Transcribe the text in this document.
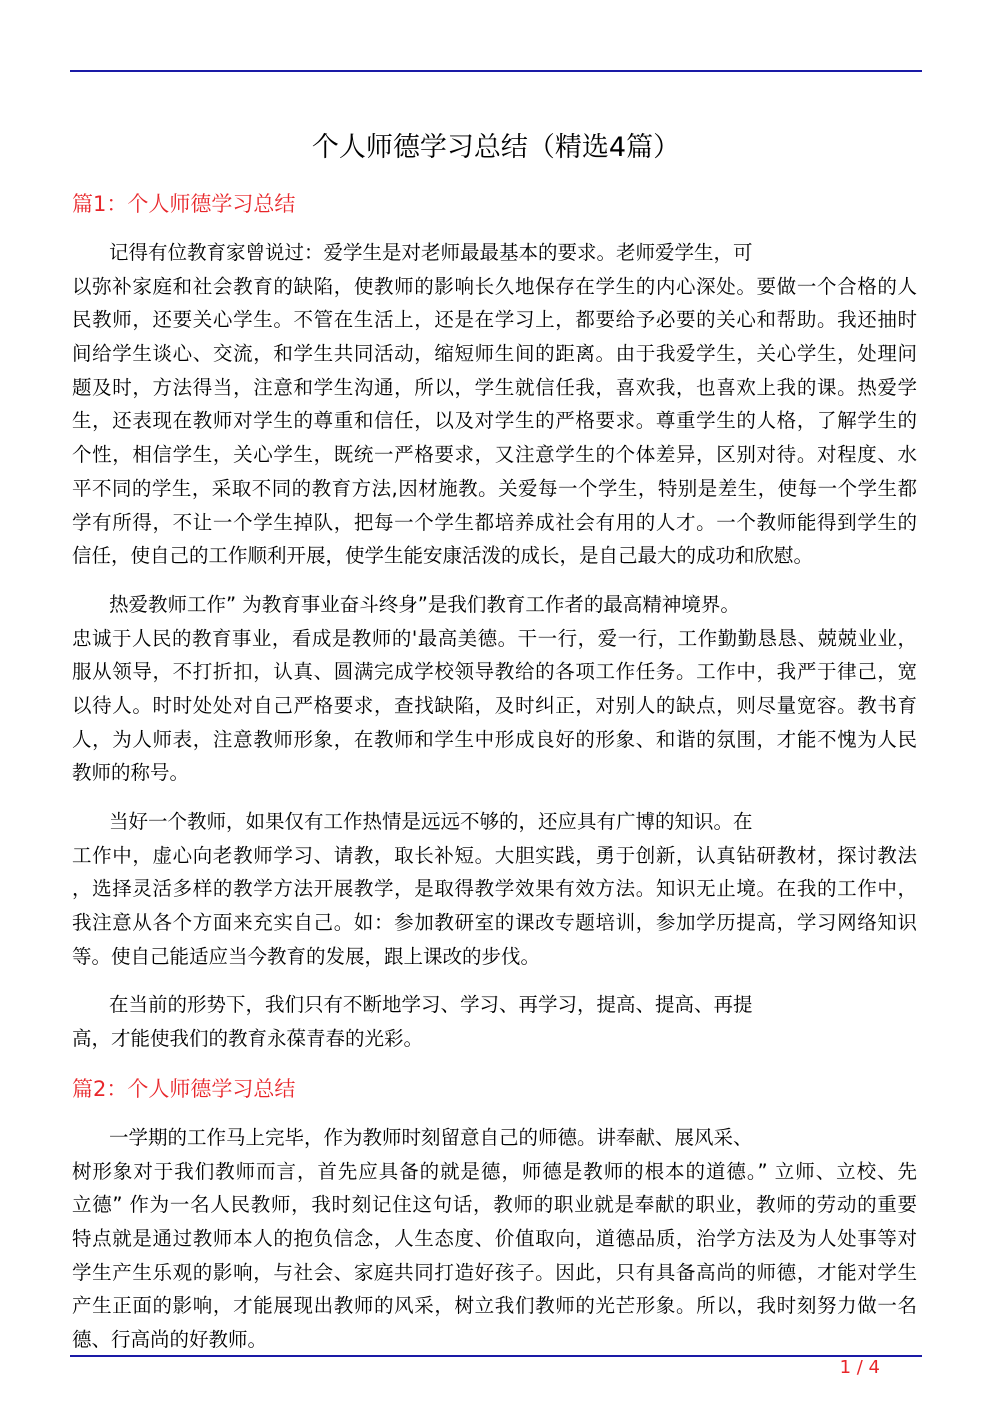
个人师德学习总结（精选4篇）
篇1：个人师德学习总结
记得有位教育家曾说过：爱学生是对老师最最基本的要求。老师爱学生，可
以弥补家庭和社会教育的缺陷，使教师的影响长久地保存在学生的内心深处。要做一个合格的人
民教师，还要关心学生。不管在生活上，还是在学习上，都要给予必要的关心和帮助。我还抽时
间给学生谈心、交流，和学生共同活动，缩短师生间的距离。由于我爱学生，关心学生，处理问
题及时，方法得当，注意和学生沟通，所以，学生就信任我，喜欢我，也喜欢上我的课。热爱学
生，还表现在教师对学生的尊重和信任，以及对学生的严格要求。尊重学生的人格，了解学生的
个性，相信学生，关心学生，既统一严格要求，又注意学生的个体差异，区别对待。对程度、水
平不同的学生，采取不同的教育方法,因材施教。关爱每一个学生，特别是差生，使每一个学生都
学有所得，不让一个学生掉队，把每一个学生都培养成社会有用的人才。一个教师能得到学生的
信任，使自己的工作顺利开展，使学生能安康活泼的成长，是自己最大的成功和欣慰。
热爱教师工作” 为教育事业奋斗终身”是我们教育工作者的最高精神境界。
忠诚于人民的教育事业，看成是教师的'最高美德。干一行，爱一行，工作勤勤恳恳、兢兢业业，
服从领导，不打折扣，认真、圆满完成学校领导教给的各项工作任务。工作中，我严于律己，宽
以待人。时时处处对自己严格要求，查找缺陷，及时纠正，对别人的缺点，则尽量宽容。教书育
人，为人师表，注意教师形象，在教师和学生中形成良好的形象、和谐的氛围，才能不愧为人民
教师的称号。
当好一个教师，如果仅有工作热情是远远不够的，还应具有广博的知识。在
工作中，虚心向老教师学习、请教，取长补短。大胆实践，勇于创新，认真钻研教材，探讨教法
，选择灵活多样的教学方法开展教学，是取得教学效果有效方法。知识无止境。在我的工作中，
我注意从各个方面来充实自己。如：参加教研室的课改专题培训，参加学历提高，学习网络知识
等。使自己能适应当今教育的发展，跟上课改的步伐。
在当前的形势下，我们只有不断地学习、学习、再学习，提高、提高、再提
高，才能使我们的教育永葆青春的光彩。
篇2：个人师德学习总结
一学期的工作马上完毕，作为教师时刻留意自己的师德。讲奉献、展风采、
树形象对于我们教师而言，首先应具备的就是德，师德是教师的根本的道德。” 立师、立校、先
立德” 作为一名人民教师，我时刻记住这句话，教师的职业就是奉献的职业，教师的劳动的重要
特点就是通过教师本人的抱负信念，人生态度、价值取向，道德品质，治学方法及为人处事等对
学生产生乐观的影响，与社会、家庭共同打造好孩子。因此，只有具备高尚的师德，才能对学生
产生正面的影响，才能展现出教师的风采，树立我们教师的光芒形象。所以，我时刻努力做一名
德、行高尚的好教师。
1 / 4
